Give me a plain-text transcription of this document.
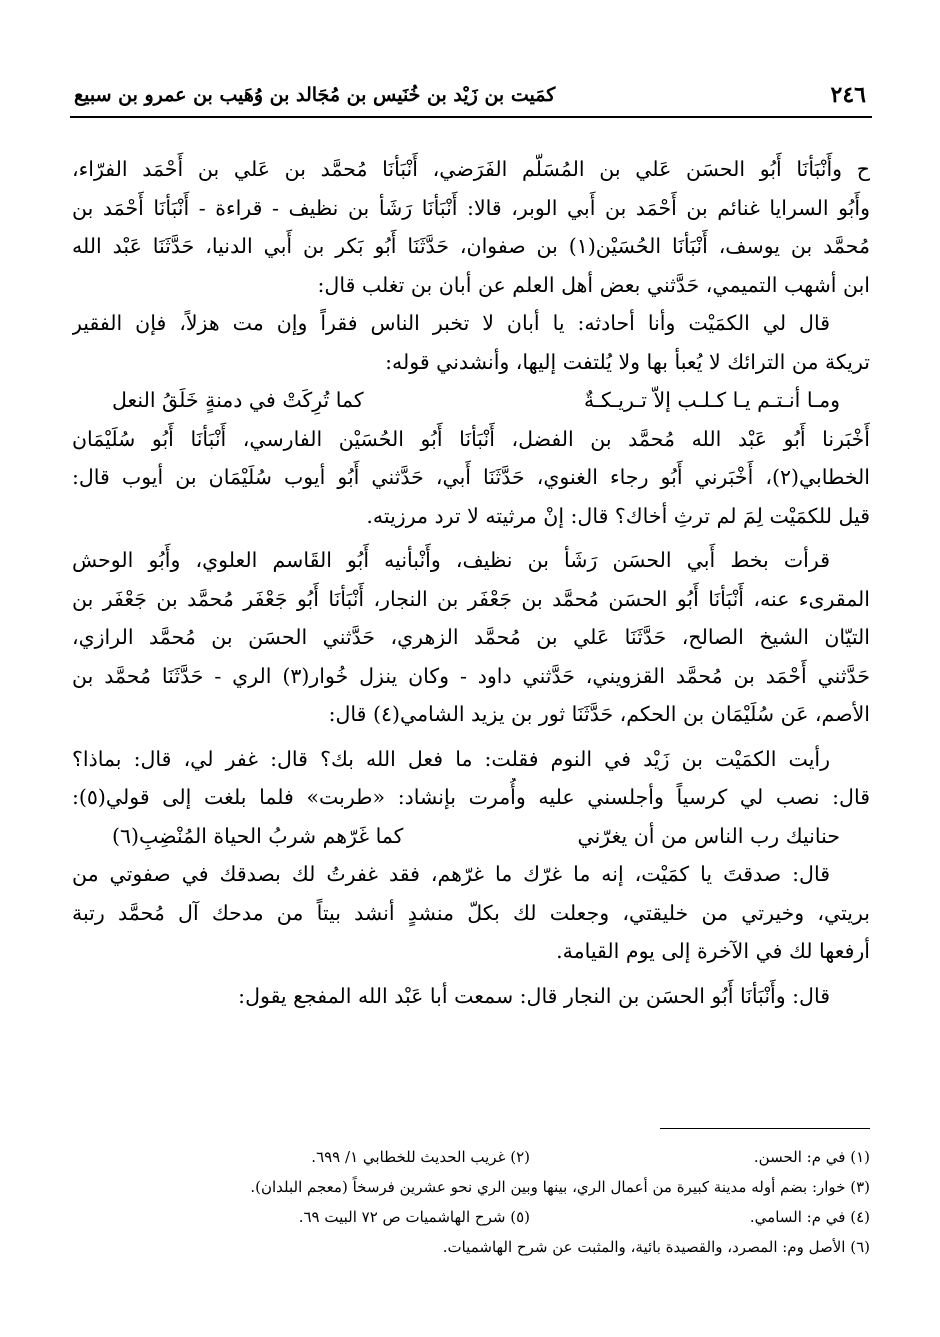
٢٤٦
كمَيت بن زَيْد بن خُنَيس بن مُجَالد بن وُهَيب بن عمرو بن سبيع
ح وأَنْبَأنَا أَبُو الحسَن عَلي بن المُسَلّم الفَرَضي، أَنْبَأنَا مُحمَّد بن عَلي بن أَحْمَد الفرّاء،
وأَبُو السرايا غنائم بن أَحْمَد بن أَبي الوبر، قالا: أَنْبَأنَا رَشَأ بن نظيف - قراءة - أَنْبَأنَا أَحْمَد بن
مُحمَّد بن يوسف، أَنْبَأنَا الحُسَيْن(١) بن صفوان، حَدَّثَنَا أَبُو بَكر بن أَبي الدنيا، حَدَّثَنَا عَبْد الله
ابن أشهب التميمي، حَدَّثني بعض أهل العلم عن أبان بن تغلب قال:
قال لي الكمَيْت وأنا أحادثه: يا أبان لا تخبر الناس فقراً وإن مت هزلاً، فإن الفقير
تريكة من الترائك لا يُعبأ بها ولا يُلتفت إليها، وأنشدني قوله:
ومـا أنـتـم يـا كـلـب إلاّ تـريـكـةٌ
كما تُرِكَتْ في دمنةٍ خَلَقُ النعل
أَخْبَرنا أَبُو عَبْد الله مُحمَّد بن الفضل، أَنْبَأنَا أَبُو الحُسَيْن الفارسي، أَنْبَأنَا أَبُو سُلَيْمَان
الخطابي(٢)، أَخْبَرني أَبُو رجاء الغنوي، حَدَّثَنَا أَبي، حَدَّثني أَبُو أيوب سُلَيْمَان بن أيوب قال:
قيل للكمَيْت لِمَ لم ترثِ أخاك؟ قال: إنْ مرثيته لا ترد مرزيته.
قرأت بخط أَبي الحسَن رَشَأ بن نظيف، وأَنْبأنيه أَبُو القَاسم العلوي، وأَبُو الوحش
المقرىء عنه، أَنْبَأنَا أَبُو الحسَن مُحمَّد بن جَعْفَر بن النجار، أَنْبَأنَا أَبُو جَعْفَر مُحمَّد بن جَعْفَر بن
التيّان الشيخ الصالح، حَدَّثَنَا عَلي بن مُحمَّد الزهري، حَدَّثني الحسَن بن مُحمَّد الرازي،
حَدَّثني أَحْمَد بن مُحمَّد القزويني، حَدَّثني داود - وكان ينزل خُوار(٣) الري - حَدَّثَنَا مُحمَّد بن
الأصم، عَن سُلَيْمَان بن الحكم، حَدَّثَنَا ثور بن يزيد الشامي(٤) قال:
رأيت الكمَيْت بن زَيْد في النوم فقلت: ما فعل الله بك؟ قال: غفر لي، قال: بماذا؟
قال: نصب لي كرسياً وأجلسني عليه وأُمرت بإنشاد: «طربت» فلما بلغت إلى قولي(٥):
حنانيك رب الناس من أن يغرّني
كما غَرّهم شربُ الحياة المُنْضِبِ(٦)
قال: صدقتَ يا كمَيْت، إنه ما غرّك ما غرّهم، فقد غفرتُ لك بصدقك في صفوتي من
بريتي، وخيرتي من خليقتي، وجعلت لك بكلّ منشدٍ أنشد بيتاً من مدحك آل مُحمَّد رتبة
أرفعها لك في الآخرة إلى يوم القيامة.
قال: وأَنْبَأنَا أَبُو الحسَن بن النجار قال: سمعت أبا عَبْد الله المفجع يقول:
(١) في م: الحسن.
(٢) غريب الحديث للخطابي ١/ ٦٩٩.
(٣) خوار: بضم أوله مدينة كبيرة من أعمال الري، بينها وبين الري نحو عشرين فرسخاً (معجم البلدان).
(٤) في م: السامي.
(٥) شرح الهاشميات ص ٧٢ البيت ٦٩.
(٦) الأصل وم: المصرد، والقصيدة بائية، والمثبت عن شرح الهاشميات.
